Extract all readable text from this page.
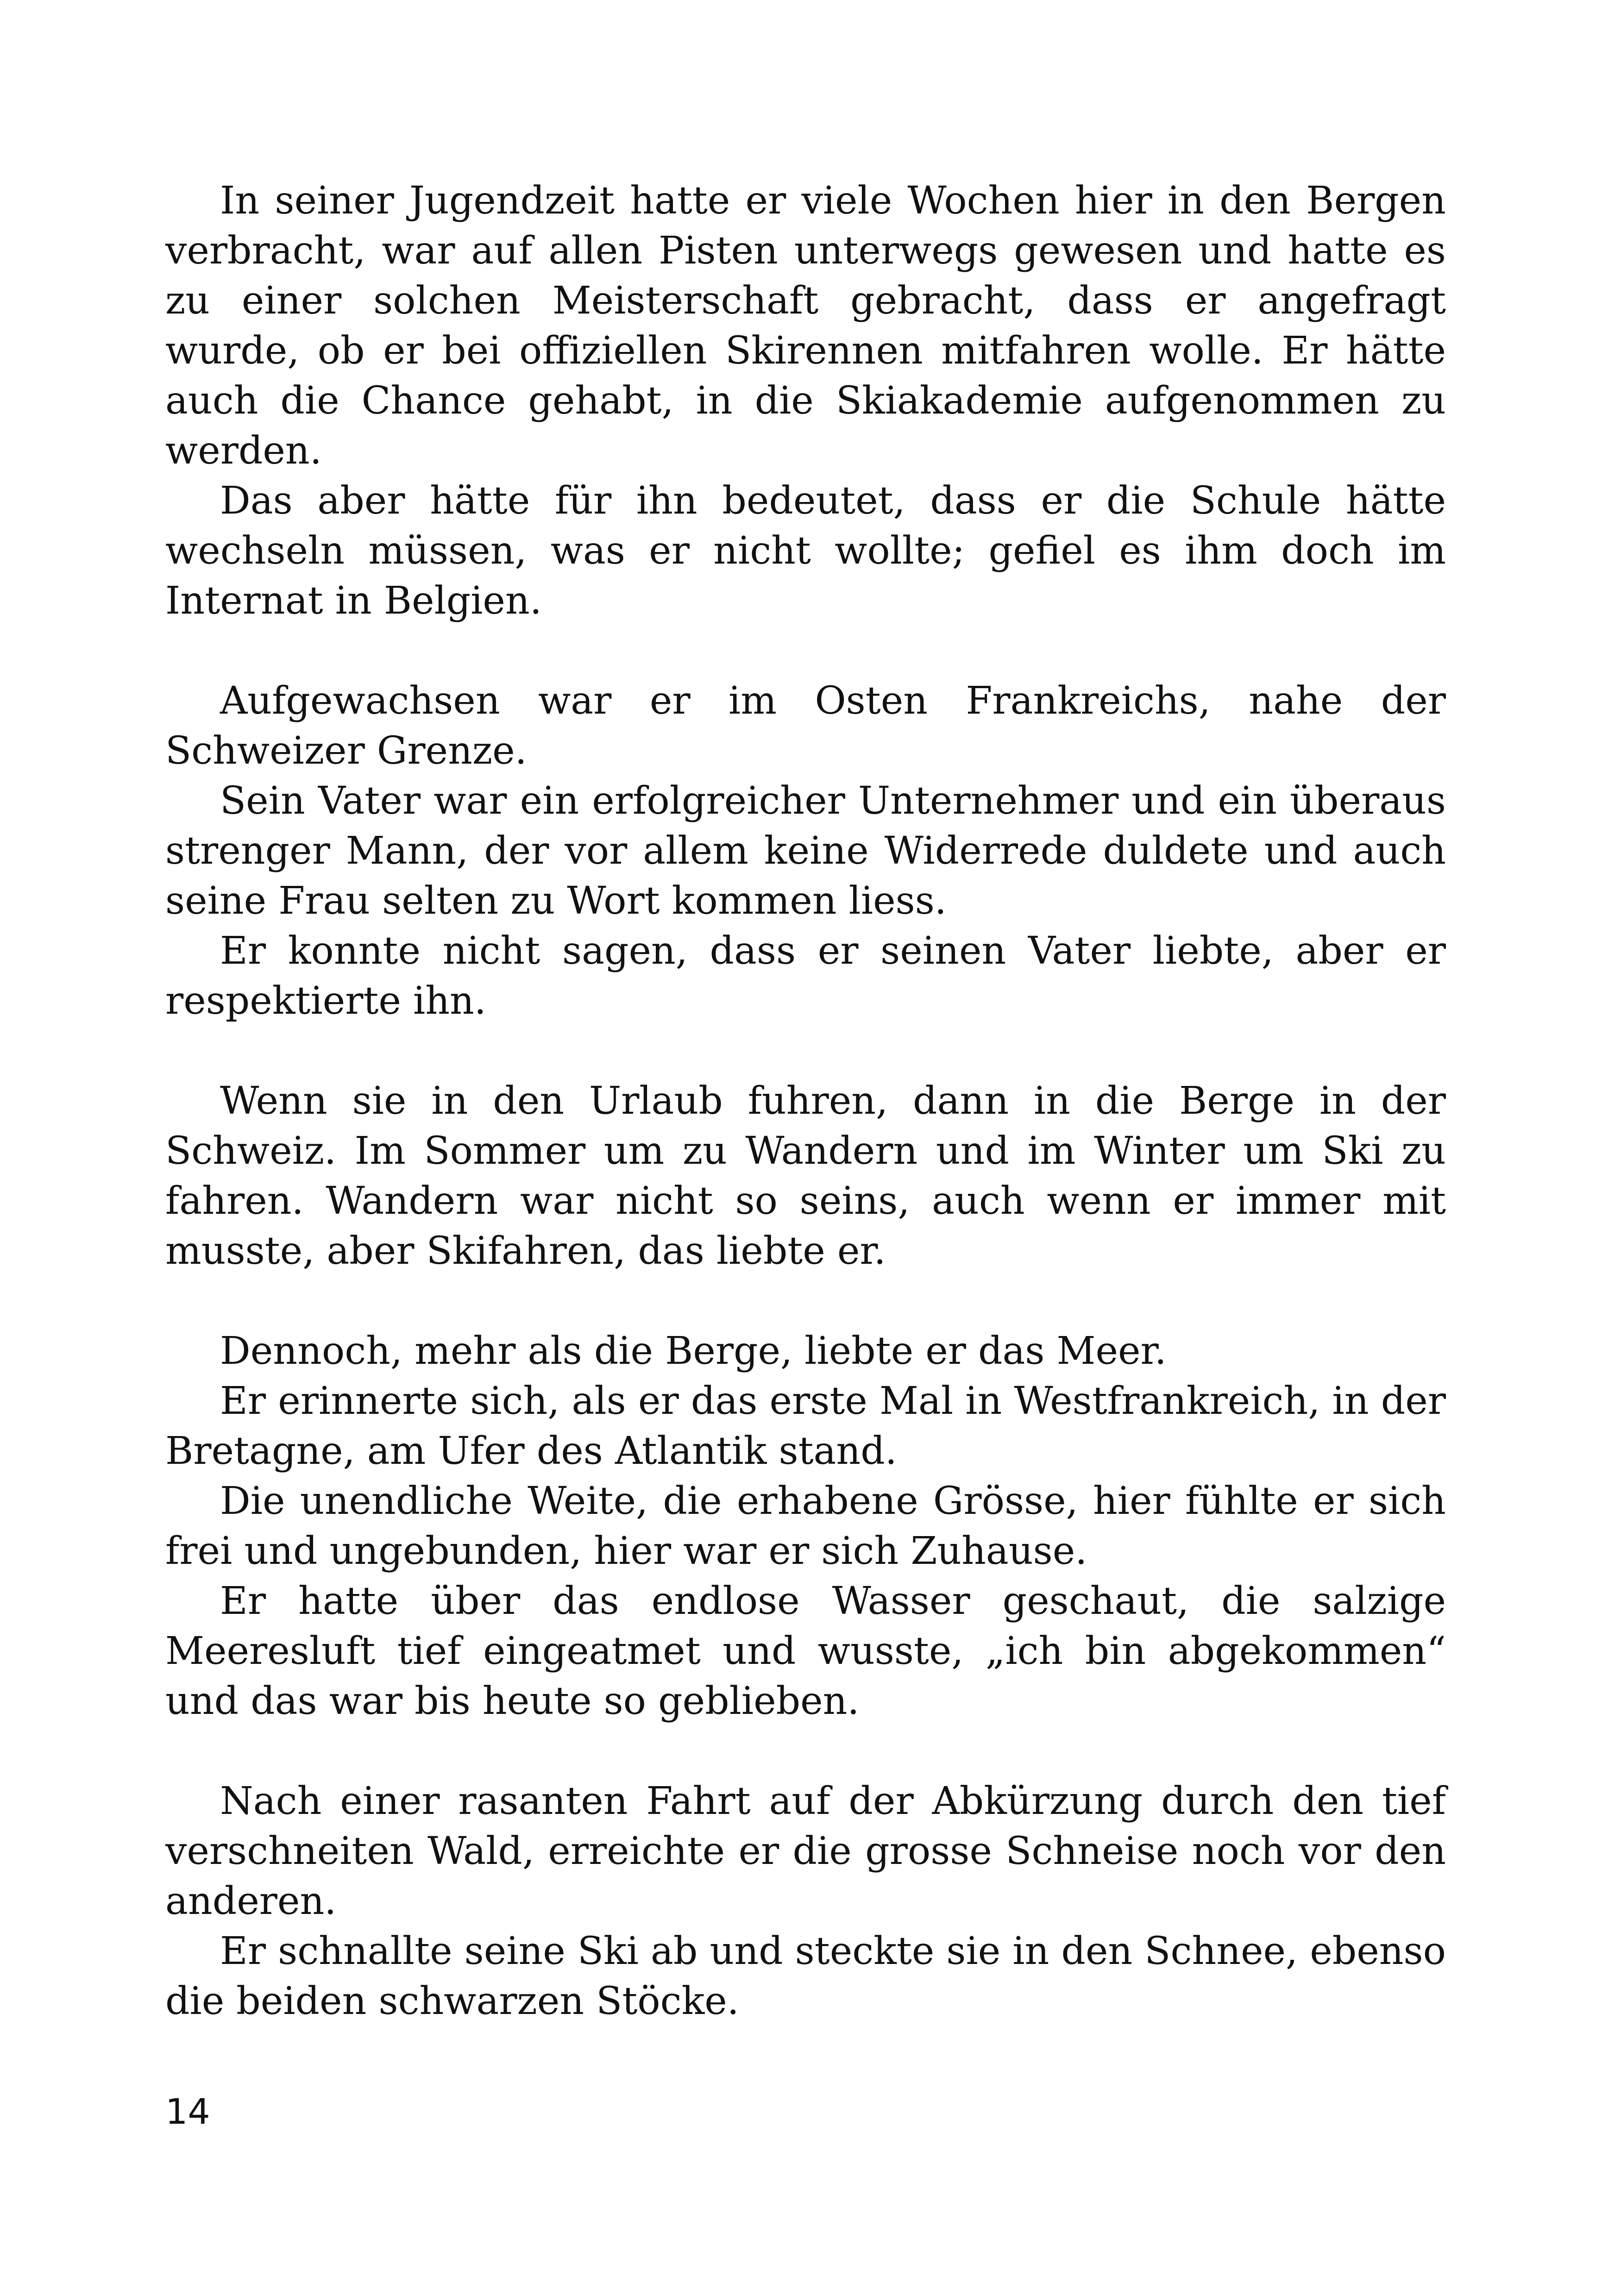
In seiner Jugendzeit hatte er viele Wochen hier in den Bergen verbracht, war auf allen Pisten unterwegs gewesen und hatte es zu einer solchen Meisterschaft gebracht, dass er angefragt wurde, ob er bei offiziellen Skirennen mitfahren wolle. Er hätte auch die Chance gehabt, in die Skiakademie aufgenommen zu werden.

Das aber hätte für ihn bedeutet, dass er die Schule hätte wechseln müssen, was er nicht wollte; gefiel es ihm doch im Internat in Belgien.

Aufgewachsen war er im Osten Frankreichs, nahe der Schweizer Grenze.

Sein Vater war ein erfolgreicher Unternehmer und ein überaus strenger Mann, der vor allem keine Widerrede duldete und auch seine Frau selten zu Wort kommen liess.

Er konnte nicht sagen, dass er seinen Vater liebte, aber er respektierte ihn.

Wenn sie in den Urlaub fuhren, dann in die Berge in der Schweiz. Im Sommer um zu Wandern und im Winter um Ski zu fahren. Wandern war nicht so seins, auch wenn er immer mit musste, aber Skifahren, das liebte er.

Dennoch, mehr als die Berge, liebte er das Meer.

Er erinnerte sich, als er das erste Mal in Westfrankreich, in der Bretagne, am Ufer des Atlantik stand.

Die unendliche Weite, die erhabene Grösse, hier fühlte er sich frei und ungebunden, hier war er sich Zuhause.

Er hatte über das endlose Wasser geschaut, die salzige Meeresluft tief eingeatmet und wusste, „ich bin abgekommen“ und das war bis heute so geblieben.

Nach einer rasanten Fahrt auf der Abkürzung durch den tief verschneiten Wald, erreichte er die grosse Schneise noch vor den anderen.

Er schnallte seine Ski ab und steckte sie in den Schnee, ebenso die beiden schwarzen Stöcke.

14
